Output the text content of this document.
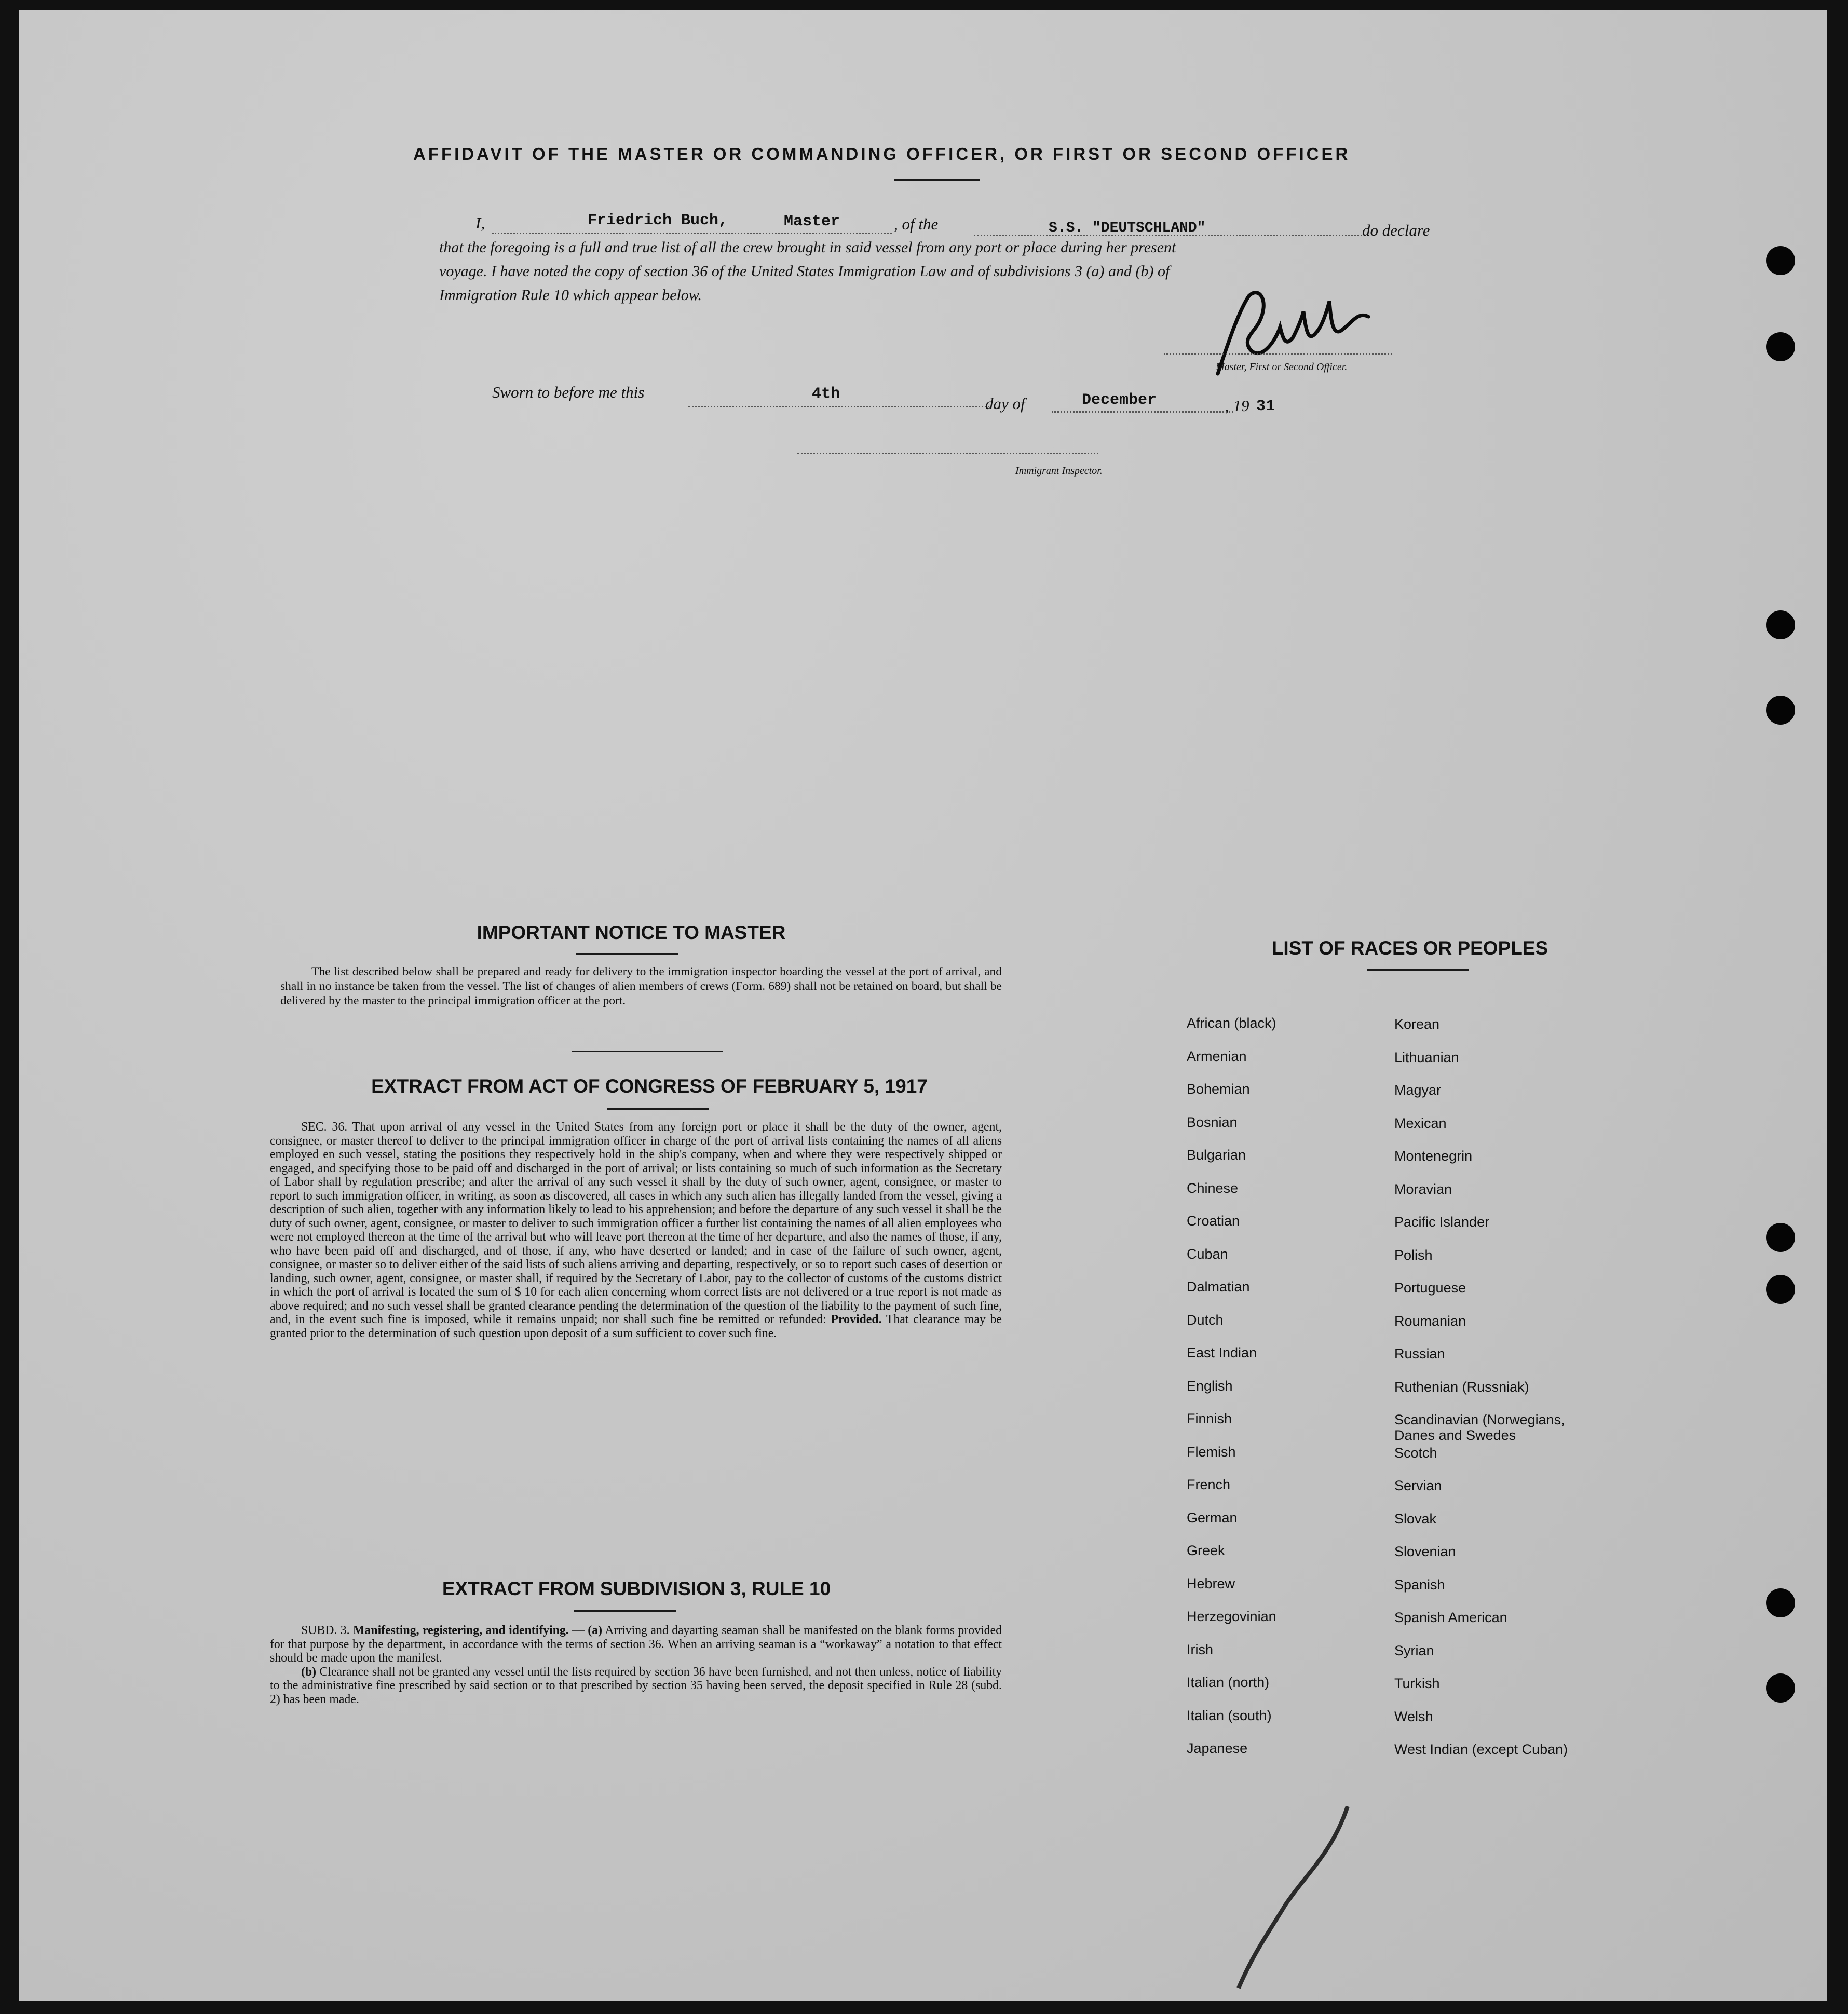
AFFIDAVIT OF THE MASTER OR COMMANDING OFFICER, OR FIRST OR SECOND OFFICER
I,	Friedrich Buch,	Master	, of the	S.S. "DEUTSCHLAND"	do declare
that the foregoing is a full and true list of all the crew brought in said vessel from any port or place during her present
voyage. I have noted the copy of section 36 of the United States Immigration Law and of subdivisions 3 (a) and (b) of
Immigration Rule 10 which appear below.
Master, First or Second Officer.
Sworn to before me this	4th
day of	December	, 19 31
Immigrant Inspector.
IMPORTANT NOTICE TO MASTER

The list described below shall be prepared and ready for delivery to the immigration inspector boarding the vessel at the port of arrival, and shall in no instance be taken from the vessel. The list of changes of alien members of crews (Form. 689) shall not be retained on board, but shall be delivered by the master to the principal immigration officer at the port.

EXTRACT FROM ACT OF CONGRESS OF FEBRUARY 5, 1917

SEC. 36. That upon arrival of any vessel in the United States from any foreign port or place it shall be the duty of the owner, agent, consignee, or master thereof to deliver to the principal immigration officer in charge of the port of arrival lists containing the names of all aliens employed en such vessel, stating the positions they respectively hold in the ship's company, when and where they were respectively shipped or engaged, and specifying those to be paid off and discharged in the port of arrival; or lists containing so much of such information as the Secretary of Labor shall by regulation prescribe; and after the arrival of any such vessel it shall by the duty of such owner, agent, consignee, or master to report to such immigration officer, in writing, as soon as discovered, all cases in which any such alien has illegally landed from the vessel, giving a description of such alien, together with any information likely to lead to his apprehension; and before the departure of any such vessel it shall be the duty of such owner, agent, consignee, or master to deliver to such immigration officer a further list containing the names of all alien employees who were not employed thereon at the time of the arrival but who will leave port thereon at the time of her departure, and also the names of those, if any, who have been paid off and discharged, and of those, if any, who have deserted or landed; and in case of the failure of such owner, agent, consignee, or master so to deliver either of the said lists of such aliens arriving and departing, respectively, or so to report such cases of desertion or landing, such owner, agent, consignee, or master shall, if required by the Secretary of Labor, pay to the collector of customs of the customs district in which the port of arrival is located the sum of $ 10 for each alien concerning whom correct lists are not delivered or a true report is not made as above required; and no such vessel shall be granted clearance pending the determination of the question of the liability to the payment of such fine, and, in the event such fine is imposed, while it remains unpaid; nor shall such fine be remitted or refunded: Provided. That clearance may be granted prior to the determination of such question upon deposit of a sum sufficient to cover such fine.

EXTRACT FROM SUBDIVISION 3, RULE 10

SUBD. 3. Manifesting, registering, and identifying. — (a) Arriving and dayarting seaman shall be manifested on the blank forms provided for that purpose by the department, in accordance with the terms of section 36. When an arriving seaman is a “workaway” a notation to that effect should be made upon the manifest.

(b) Clearance shall not be granted any vessel until the lists required by section 36 have been furnished, and not then unless, notice of liability to the administrative fine prescribed by said section or to that prescribed by section 35 having been served, the deposit specified in Rule 28 (subd. 2) has been made.

LIST OF RACES OR PEOPLES
African (black)
Armenian
Bohemian
Bosnian
Bulgarian
Chinese
Croatian
Cuban
Dalmatian
Dutch
East Indian
English
Finnish
Flemish
French
German
Greek
Hebrew
Herzegovinian
Irish
Italian (north)
Italian (south)
Japanese
Korean
Lithuanian
Magyar
Mexican
Montenegrin
Moravian
Pacific Islander
Polish
Portuguese
Roumanian
Russian
Ruthenian (Russniak)
Scandinavian (Norwegians, Danes and Swedes
Scotch
Servian
Slovak
Slovenian
Spanish
Spanish American
Syrian
Turkish
Welsh
West Indian (except Cuban)
